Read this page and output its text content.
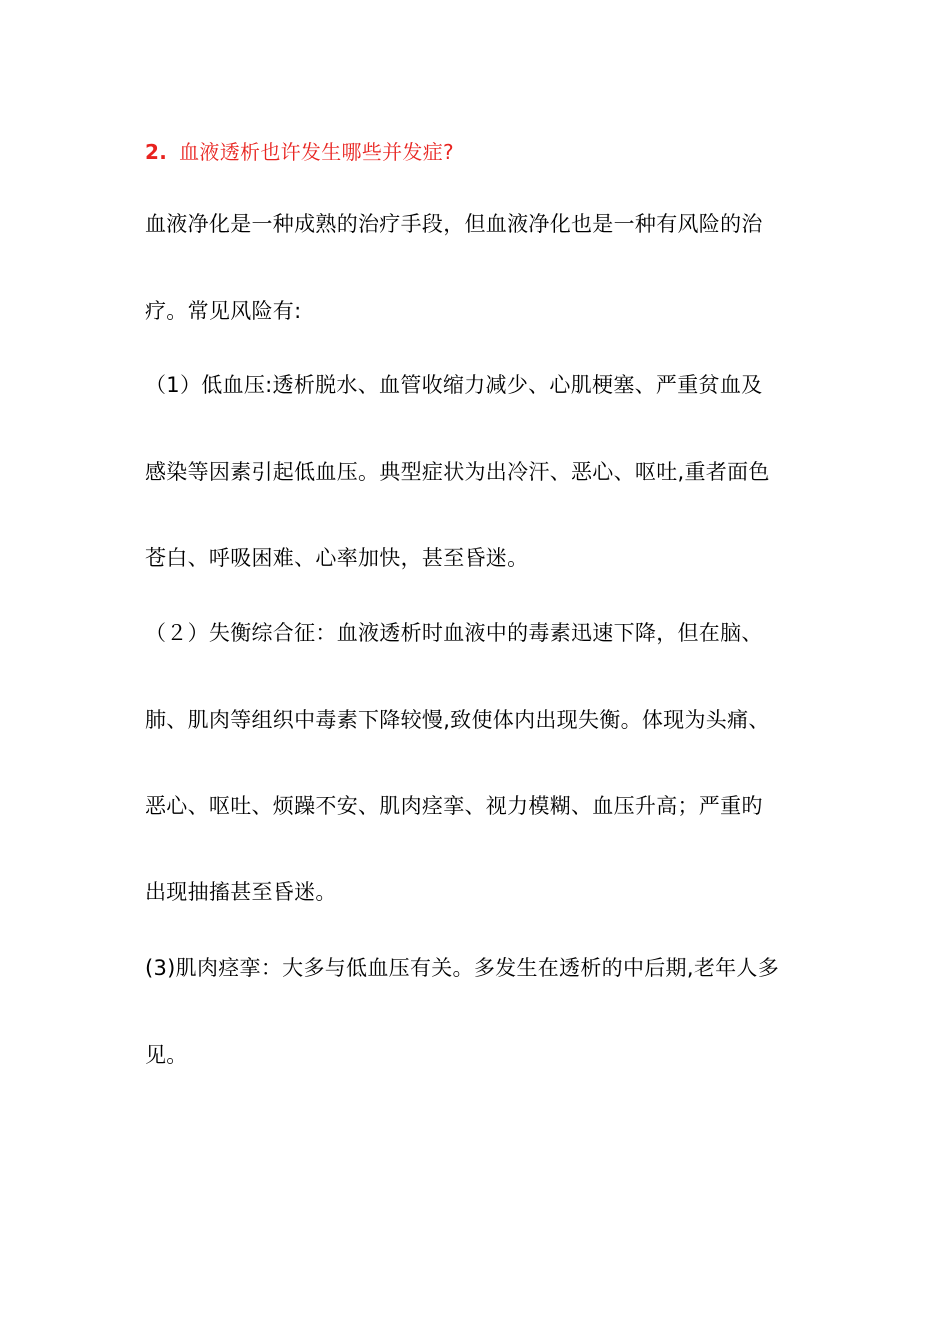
2. 血液透析也许发生哪些并发症?
血液净化是一种成熟的治疗手段，但血液净化也是一种有风险的治
疗。常见风险有:
（1）低血压:透析脱水、血管收缩力减少、心肌梗塞、严重贫血及
感染等因素引起低血压。典型症状为出冷汗、恶心、呕吐,重者面色
苍白、呼吸困难、心率加快，甚至昏迷。
（２）失衡综合征：血液透析时血液中的毒素迅速下降，但在脑、
肺、肌肉等组织中毒素下降较慢,致使体内出现失衡。体现为头痛、
恶心、呕吐、烦躁不安、肌肉痉挛、视力模糊、血压升高；严重旳
出现抽搐甚至昏迷。
(3)肌肉痉挛：大多与低血压有关。多发生在透析的中后期,老年人多
见。
